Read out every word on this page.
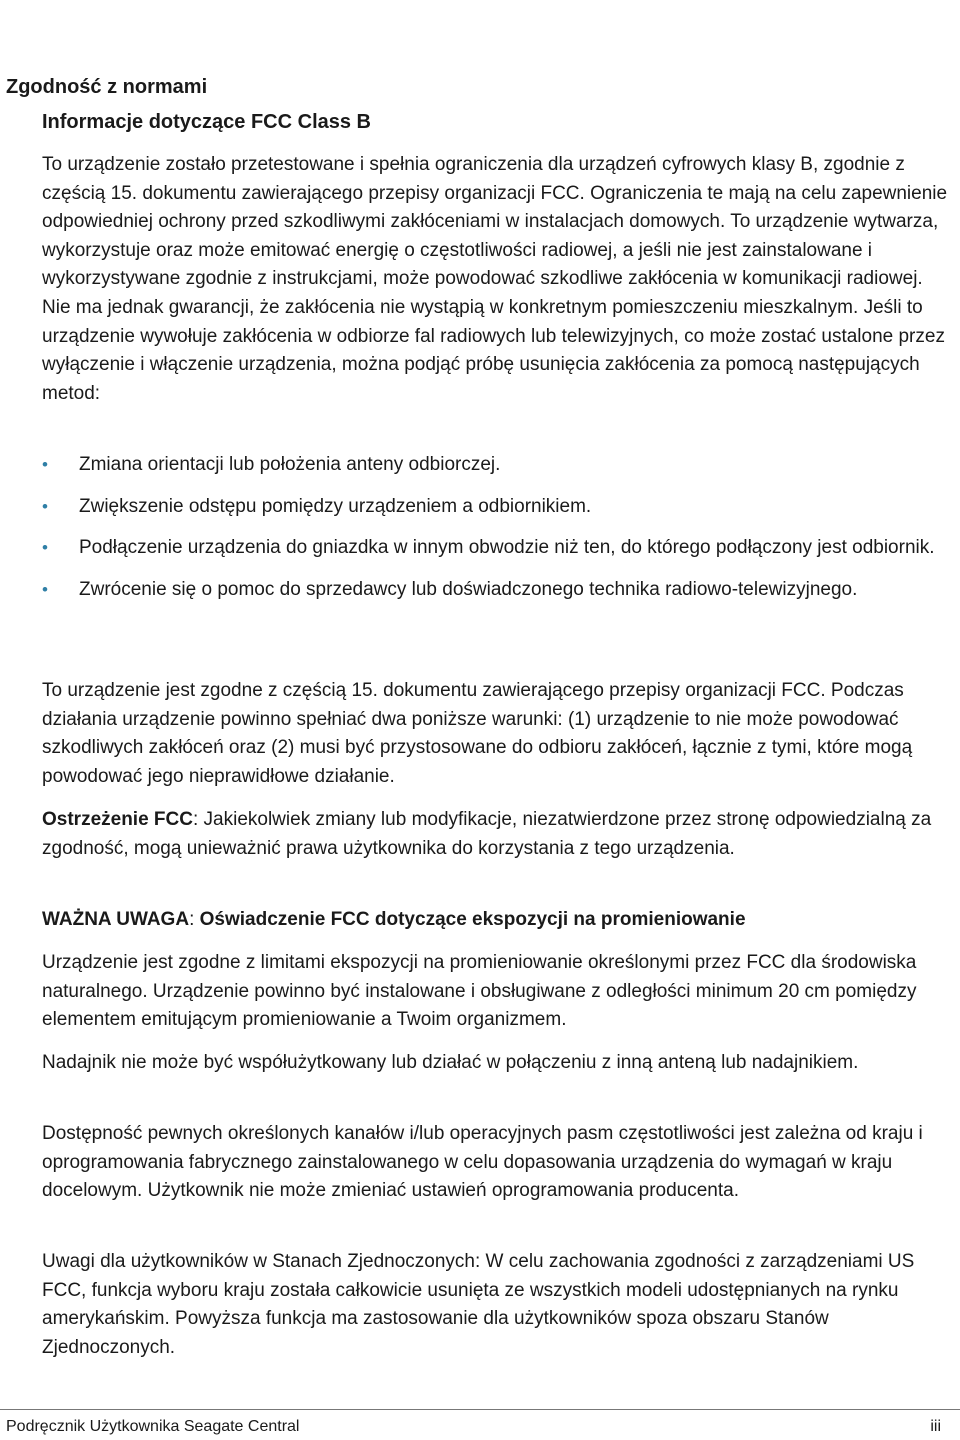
Zgodność z normami
Informacje dotyczące FCC Class B
To urządzenie zostało przetestowane i spełnia ograniczenia dla urządzeń cyfrowych klasy B, zgodnie z częścią 15. dokumentu zawierającego przepisy organizacji FCC. Ograniczenia te mają na celu zapewnienie odpowiedniej ochrony przed szkodliwymi zakłóceniami w instalacjach domowych. To urządzenie wytwarza, wykorzystuje oraz może emitować energię o częstotliwości radiowej, a jeśli nie jest zainstalowane i wykorzystywane zgodnie z instrukcjami, może powodować szkodliwe zakłócenia w komunikacji radiowej. Nie ma jednak gwarancji, że zakłócenia nie wystąpią w konkretnym pomieszczeniu mieszkalnym. Jeśli to urządzenie wywołuje zakłócenia w odbiorze fal radiowych lub telewizyjnych, co może zostać ustalone przez wyłączenie i włączenie urządzenia, można podjąć próbę usunięcia zakłócenia za pomocą następujących metod:
• Zmiana orientacji lub położenia anteny odbiorczej.
• Zwiększenie odstępu pomiędzy urządzeniem a odbiornikiem.
• Podłączenie urządzenia do gniazdka w innym obwodzie niż ten, do którego podłączony jest odbiornik.
• Zwrócenie się o pomoc do sprzedawcy lub doświadczonego technika radiowo-telewizyjnego.
To urządzenie jest zgodne z częścią 15. dokumentu zawierającego przepisy organizacji FCC. Podczas działania urządzenie powinno spełniać dwa poniższe warunki: (1) urządzenie to nie może powodować szkodliwych zakłóceń oraz (2) musi być przystosowane do odbioru zakłóceń, łącznie z tymi, które mogą powodować jego nieprawidłowe działanie.
Ostrzeżenie FCC: Jakiekolwiek zmiany lub modyfikacje, niezatwierdzone przez stronę odpowiedzialną za zgodność, mogą unieważnić prawa użytkownika do korzystania z tego urządzenia.
WAŻNA UWAGA: Oświadczenie FCC dotyczące ekspozycji na promieniowanie
Urządzenie jest zgodne z limitami ekspozycji na promieniowanie określonymi przez FCC dla środowiska naturalnego. Urządzenie powinno być instalowane i obsługiwane z odległości minimum 20 cm pomiędzy elementem emitującym promieniowanie a Twoim organizmem.
Nadajnik nie może być współużytkowany lub działać w połączeniu z inną anteną lub nadajnikiem.
Dostępność pewnych określonych kanałów i/lub operacyjnych pasm częstotliwości jest zależna od kraju i oprogramowania fabrycznego zainstalowanego w celu dopasowania urządzenia do wymagań w kraju docelowym. Użytkownik nie może zmieniać ustawień oprogramowania producenta.
Uwagi dla użytkowników w Stanach Zjednoczonych: W celu zachowania zgodności z zarządzeniami US FCC, funkcja wyboru kraju została całkowicie usunięta ze wszystkich modeli udostępnianych na rynku amerykańskim. Powyższa funkcja ma zastosowanie dla użytkowników spoza obszaru Stanów Zjednoczonych.
Podręcznik Użytkownika Seagate Central	iii
